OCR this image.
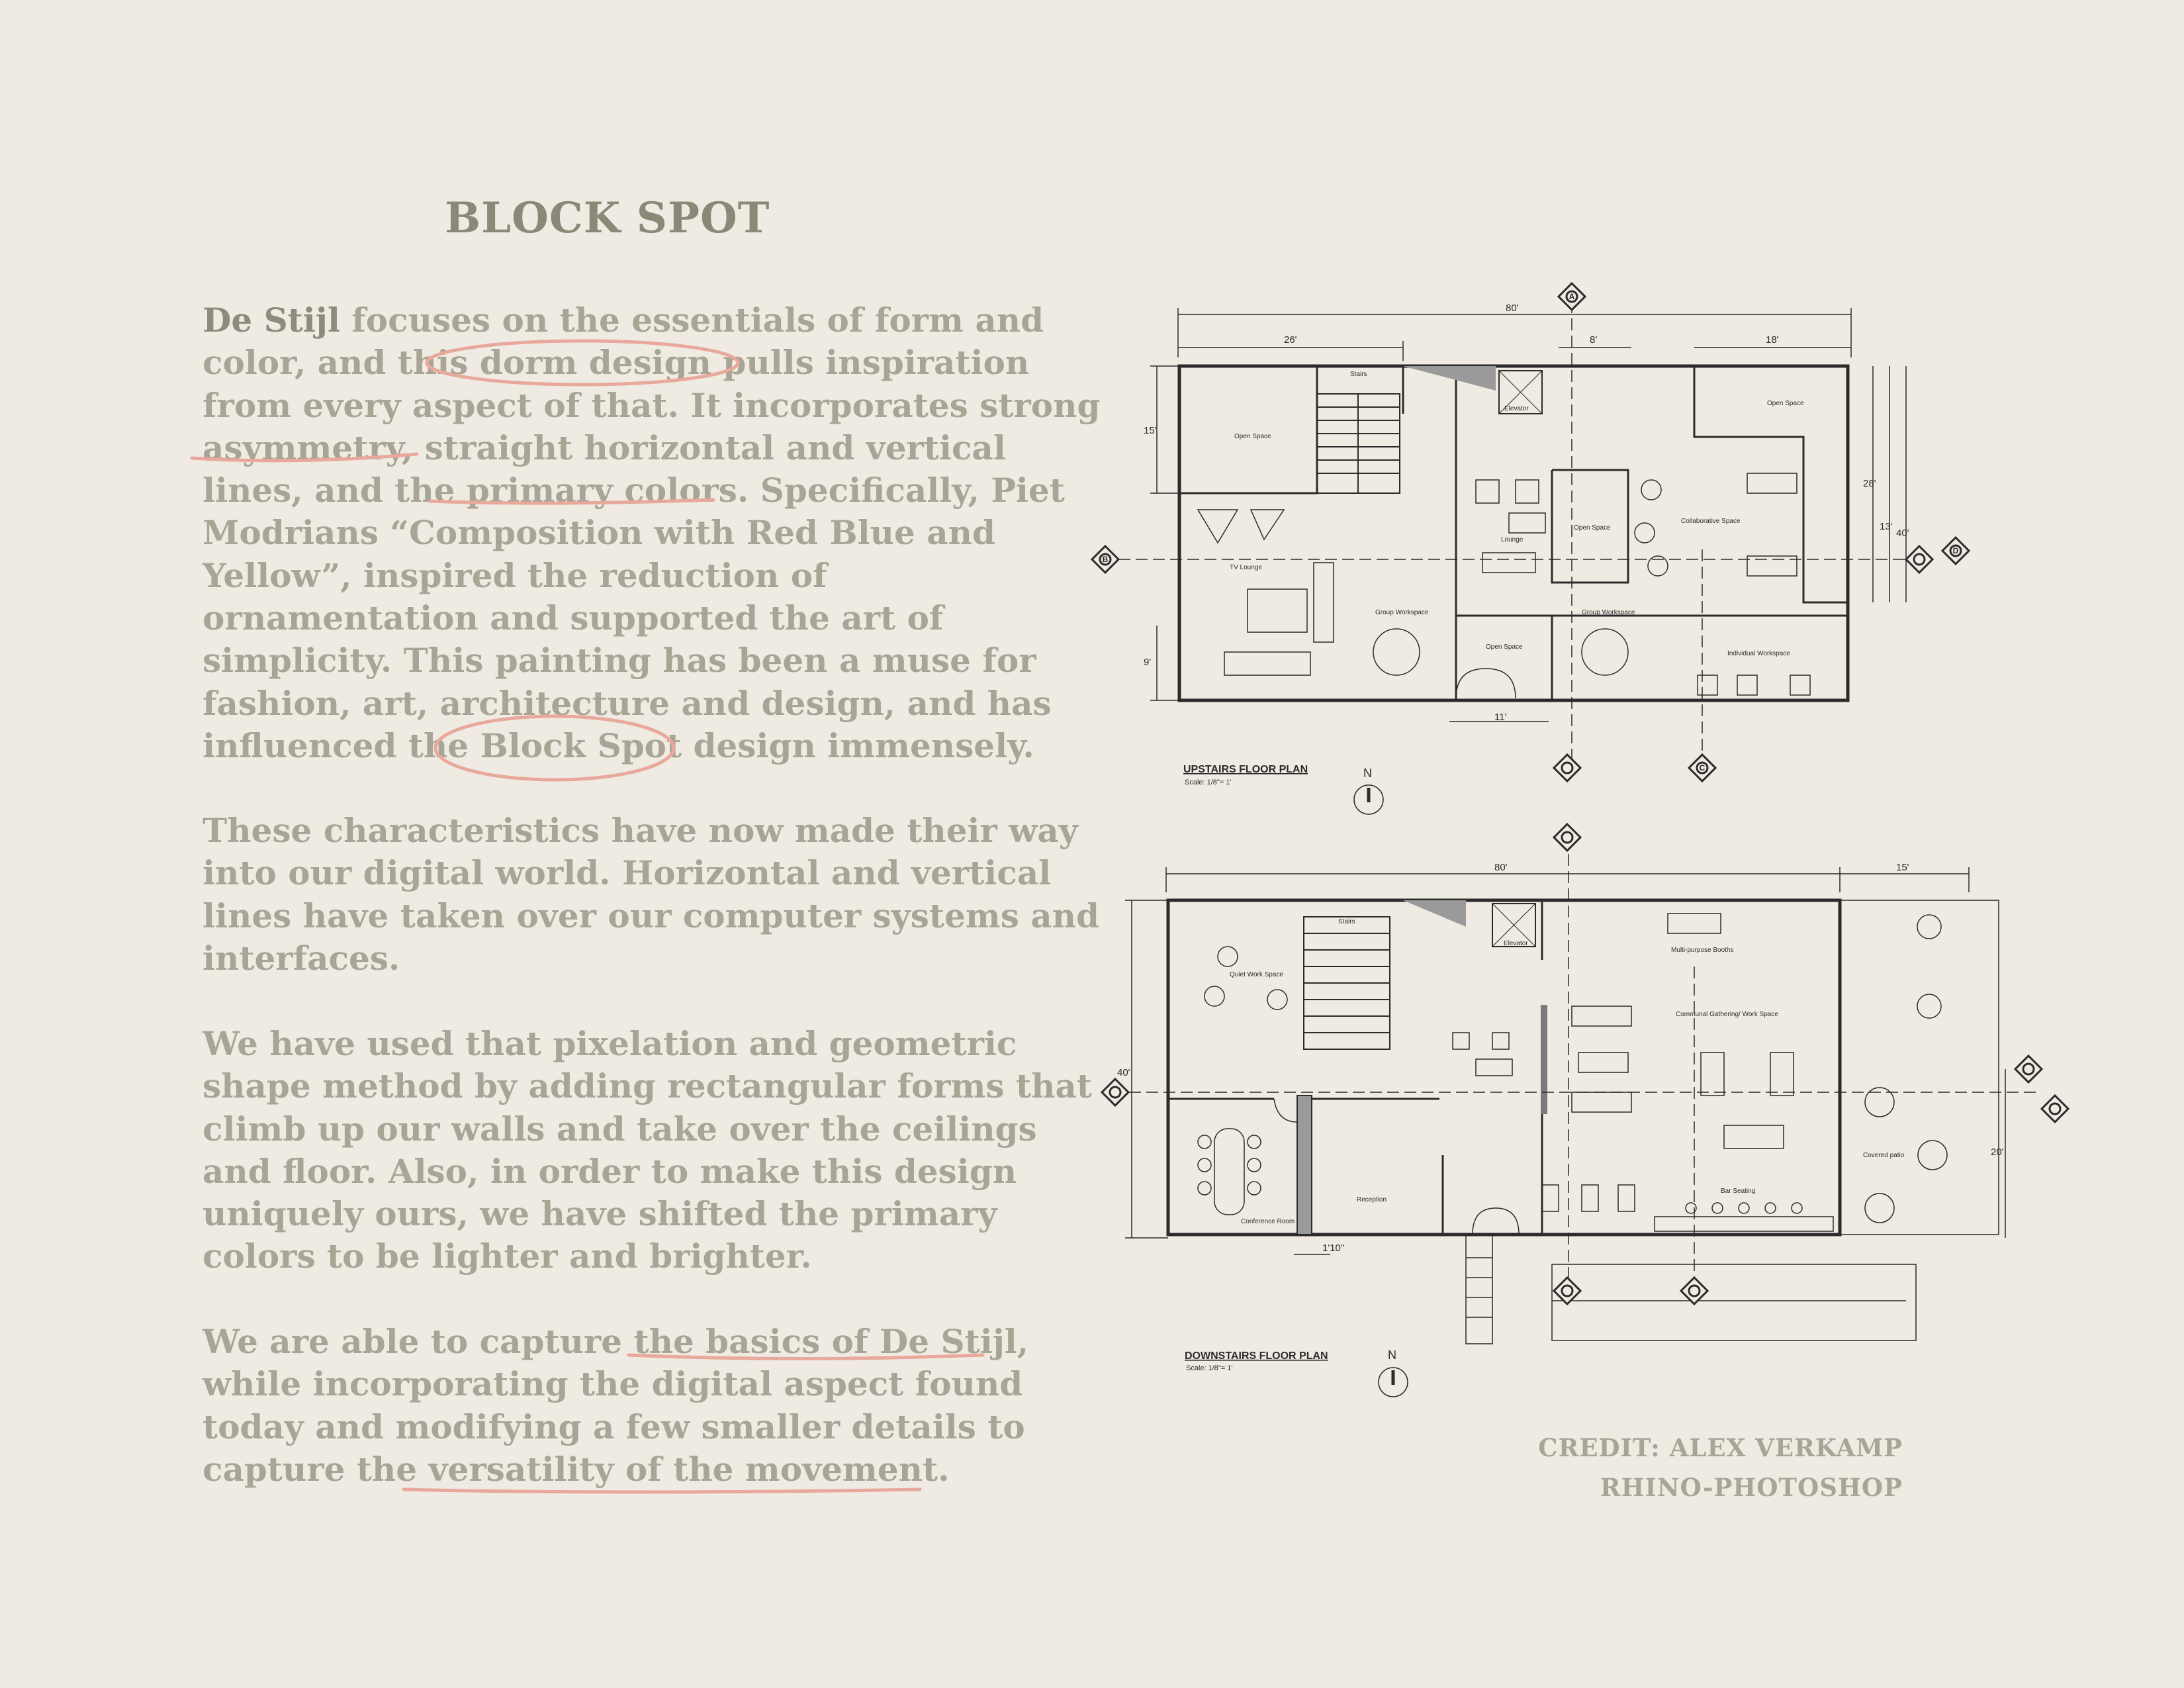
BLOCK SPOT
De Stijl focuses on the essentials of form and
color, and this dorm design pulls inspiration
from every aspect of that. It incorporates strong
asymmetry, straight horizontal and vertical
lines, and the primary colors. Specifically, Piet
Modrians “Composition with Red Blue and
Yellow”, inspired the reduction of
ornamentation and supported the art of
simplicity. This painting has been a muse for
fashion, art, architecture and design, and has
influenced the Block Spot design immensely.
These characteristics have now made their way
into our digital world. Horizontal and vertical
lines have taken over our computer systems and
interfaces.
We have used that pixelation and geometric
shape method by adding rectangular forms that
climb up our walls and take over the ceilings
and floor. Also, in order to make this design
uniquely ours, we have shifted the primary
colors to be lighter and brighter.
We are able to capture the basics of De Stijl,
while incorporating the digital aspect found
today and modifying a few smaller details to
capture the versatility of the movement.
Stairs
Open Space
Elevator
Open Space
TV Lounge
Lounge
Open Space
Collaborative Space
Group Workspace
Open Space
Group Workspace
Individual Workspace
80'
26'	8'	18'
11'
15'
9'
28'
13'
40'
UPSTAIRS FLOOR PLAN
Scale: 1/8"= 1'
N
Stairs
Elevator
Quiet Work Space
Multi-purpose Booths
Communal Gathering/ Work Space
Conference Room
Reception
Bar Seating
Covered patio
80'	15'
40'
20'
1'10"
DOWNSTAIRS FLOOR PLAN
Scale: 1/8"= 1'
N
A
B
C
D
CREDIT: ALEX VERKAMP
RHINO-PHOTOSHOP
